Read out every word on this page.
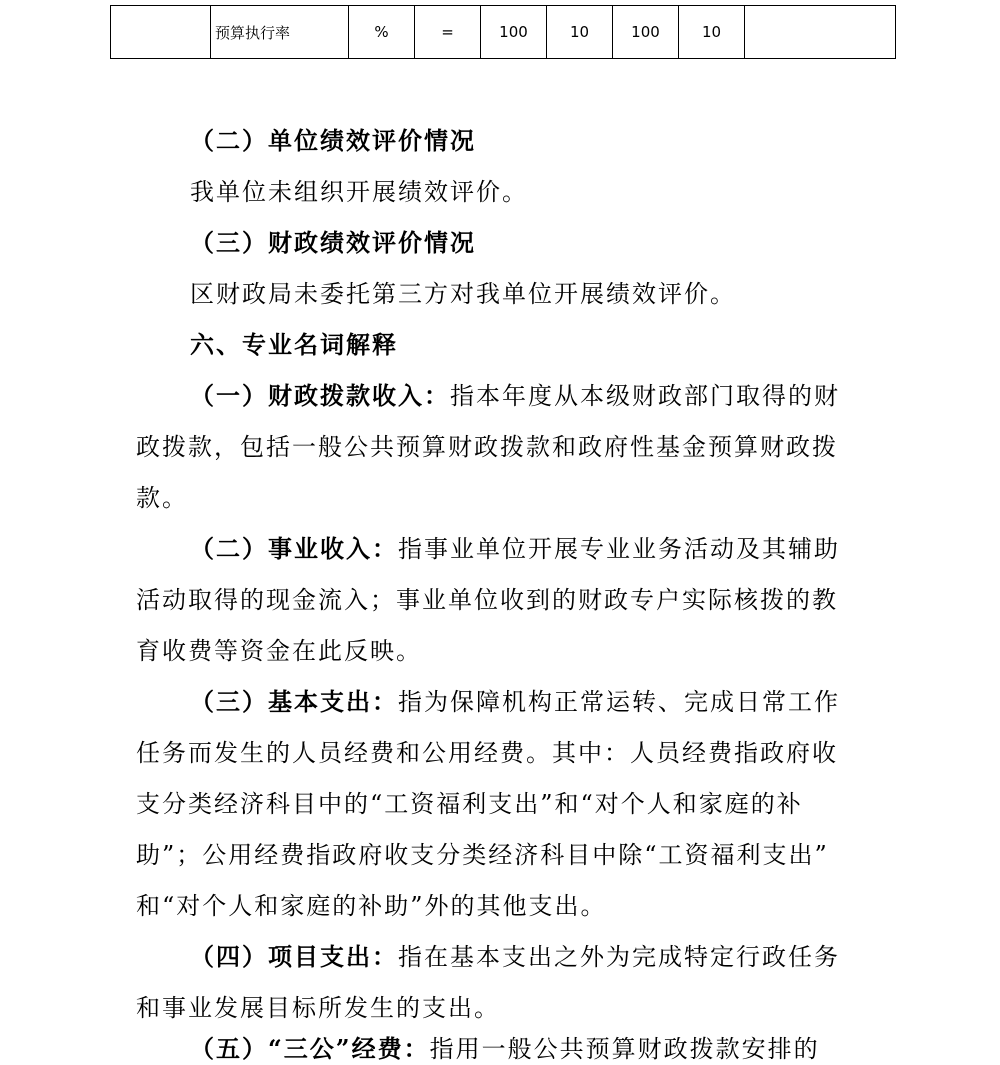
	预算执行率	%	=	100	10	100	10	
（二）单位绩效评价情况
我单位未组织开展绩效评价。
（三）财政绩效评价情况
区财政局未委托第三方对我单位开展绩效评价。
六、专业名词解释
（一）财政拨款收入：指本年度从本级财政部门取得的财
政拨款，包括一般公共预算财政拨款和政府性基金预算财政拨
款。
（二）事业收入：指事业单位开展专业业务活动及其辅助
活动取得的现金流入；事业单位收到的财政专户实际核拨的教
育收费等资金在此反映。
（三）基本支出：指为保障机构正常运转、完成日常工作
任务而发生的人员经费和公用经费。其中：人员经费指政府收
支分类经济科目中的“工资福利支出”和“对个人和家庭的补
助”；公用经费指政府收支分类经济科目中除“工资福利支出”
和“对个人和家庭的补助”外的其他支出。
（四）项目支出：指在基本支出之外为完成特定行政任务
和事业发展目标所发生的支出。
（五）“三公”经费：指用一般公共预算财政拨款安排的
